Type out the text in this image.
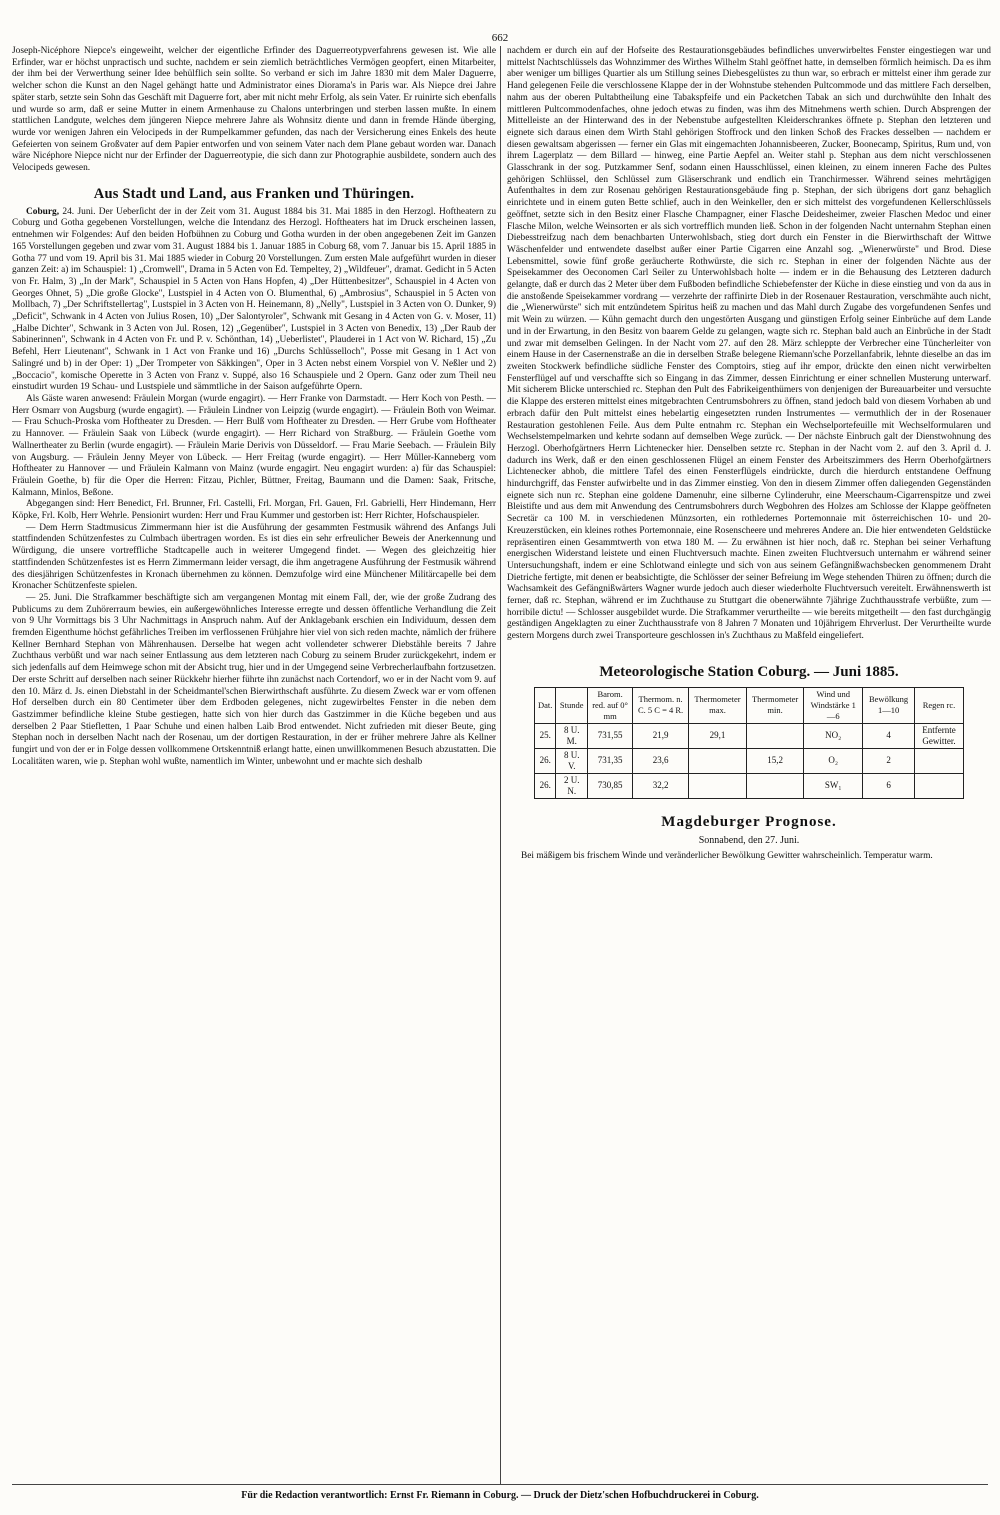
662

Joseph-Nicéphore Niepce's eingeweiht, welcher der eigentliche Erfinder des Daguerreotypverfahrens gewesen ist. Wie alle Erfinder, war er höchst unpractisch und suchte, nachdem er sein ziemlich beträchtliches Vermögen geopfert, einen Mitarbeiter, der ihm bei der Verwerthung seiner Idee behülflich sein sollte. So verband er sich im Jahre 1830 mit dem Maler Daguerre, welcher schon die Kunst an den Nagel gehängt hatte und Administrator eines Diorama's in Paris war. Als Niepce drei Jahre später starb, setzte sein Sohn das Geschäft mit Daguerre fort, aber mit nicht mehr Erfolg, als sein Vater. Er ruinirte sich ebenfalls und wurde so arm, daß er seine Mutter in einem Armenhause zu Chalons unterbringen und sterben lassen mußte. In einem stattlichen Landgute, welches dem jüngeren Niepce mehrere Jahre als Wohnsitz diente und dann in fremde Hände überging, wurde vor wenigen Jahren ein Velocipeds in der Rumpelkammer gefunden, das nach der Versicherung eines Enkels des heute Gefeierten von seinem Großvater auf dem Papier entworfen und von seinem Vater nach dem Plane gebaut worden war. Danach wäre Nicéphore Niepce nicht nur der Erfinder der Daguerreotypie, die sich dann zur Photographie ausbildete, sondern auch des Velocipeds gewesen.

Aus Stadt und Land, aus Franken und Thüringen.

Coburg, 24. Juni. Der Ueberſicht der in der Zeit vom 31. August 1884 bis 31. Mai 1885 in den Herzogl. Hoftheatern zu Coburg und Gotha gegebenen Vorstellungen, welche die Intendanz des Herzogl. Hoftheaters hat im Druck erscheinen lassen, entnehmen wir Folgendes: Auf den beiden Hofbühnen zu Coburg und Gotha wurden in der oben angegebenen Zeit im Ganzen 165 Vorstellungen gegeben und zwar vom 31. August 1884 bis 1. Januar 1885 in Coburg 68, vom 7. Januar bis 15. April 1885 in Gotha 77 und vom 19. April bis 31. Mai 1885 wieder in Coburg 20 Vorstellungen. Zum ersten Male aufgeführt wurden in dieser ganzen Zeit: a) im Schauspiel: 1) „Cromwell", Drama in 5 Acten von Ed. Tempeltey, 2) „Wildfeuer", dramat. Gedicht in 5 Acten von Fr. Halm, 3) „In der Mark", Schauspiel in 5 Acten von Hans Hopfen, 4) „Der Hüttenbesitzer", Schauspiel in 4 Acten von Georges Ohnet, 5) „Die große Glocke", Lustspiel in 4 Acten von O. Blumenthal, 6) „Ambrosius", Schauspiel in 5 Acten von Mollbach, 7) „Der Schriftstellertag", Lustspiel in 3 Acten von H. Heinemann, 8) „Nelly", Lustspiel in 3 Acten von O. Dunker, 9) „Deficit", Schwank in 4 Acten von Julius Rosen, 10) „Der Salontyroler", Schwank mit Gesang in 4 Acten von G. v. Moser, 11) „Halbe Dichter", Schwank in 3 Acten von Jul. Rosen, 12) „Gegenüber", Lustspiel in 3 Acten von Benedix, 13) „Der Raub der Sabinerinnen", Schwank in 4 Acten von Fr. und P. v. Schönthan, 14) „Ueberlistet", Plauderei in 1 Act von W. Richard, 15) „Zu Befehl, Herr Lieutenant", Schwank in 1 Act von Franke und 16) „Durchs Schlüsselloch", Posse mit Gesang in 1 Act von Salingré und b) in der Oper: 1) „Der Trompeter von Säkkingen", Oper in 3 Acten nebst einem Vorspiel von V. Neßler und 2) „Boccacio", komische Operette in 3 Acten von Franz v. Suppé, also 16 Schauspiele und 2 Opern. Ganz oder zum Theil neu einstudirt wurden 19 Schau- und Lustspiele und sämmtliche in der Saison aufgeführte Opern.

Als Gäste waren anwesend: Fräulein Morgan (wurde engagirt). — Herr Franke von Darmstadt. — Herr Koch von Pesth. — Herr Osmarr von Augsburg (wurde engagirt). — Fräulein Lindner von Leipzig (wurde engagirt). — Fräulein Both von Weimar. — Frau Schuch-Proska vom Hoftheater zu Dresden. — Herr Bulß vom Hoftheater zu Dresden. — Herr Grube vom Hoftheater zu Hannover. — Fräulein Saak von Lübeck (wurde engagirt). — Herr Richard von Straßburg. — Fräulein Goethe vom Wallnertheater zu Berlin (wurde engagirt). — Fräulein Marie Derivis von Düsseldorf. — Frau Marie Seebach. — Fräulein Bily von Augsburg. — Fräulein Jenny Meyer von Lübeck. — Herr Freitag (wurde engagirt). — Herr Müller-Kanneberg vom Hoftheater zu Hannover — und Fräulein Kalmann von Mainz (wurde engagirt. Neu engagirt wurden: a) für das Schauspiel: Fräulein Goethe, b) für die Oper die Herren: Fitzau, Pichler, Büttner, Freitag, Baumann und die Damen: Saak, Fritsche, Kalmann, Minlos, Beßone.

Abgegangen sind: Herr Benedict, Frl. Brunner, Frl. Castelli, Frl. Morgan, Frl. Gauen, Frl. Gabrielli, Herr Hindemann, Herr Köpke, Frl. Kolb, Herr Wehrle. Pensionirt wurden: Herr und Frau Kummer und gestorben ist: Herr Richter, Hofschauspieler.

— Dem Herrn Stadtmusicus Zimmermann hier ist die Ausführung der gesammten Festmusik während des Anfangs Juli stattfindenden Schützenfestes zu Culmbach übertragen worden. Es ist dies ein sehr erfreulicher Beweis der Anerkennung und Würdigung, die unsere vortreffliche Stadtcapelle auch in weiterer Umgegend findet. — Wegen des gleichzeitig hier stattfindenden Schützenfestes ist es Herrn Zimmermann leider versagt, die ihm angetragene Ausführung der Festmusik während des diesjährigen Schützenfestes in Kronach übernehmen zu können. Demzufolge wird eine Münchener Militärcapelle bei dem Kronacher Schützenfeste spielen.

— 25. Juni. Die Strafkammer beschäftigte sich am vergangenen Montag mit einem Fall, der, wie der große Zudrang des Publicums zu dem Zuhörerraum bewies, ein außergewöhnliches Interesse erregte und dessen öffentliche Verhandlung die Zeit von 9 Uhr Vormittags bis 3 Uhr Nachmittags in Anspruch nahm. Auf der Anklagebank erschien ein Individuum, dessen dem fremden Eigenthume höchst gefährliches Treiben im verflossenen Frühjahre hier viel von sich reden machte, nämlich der frühere Kellner Bernhard Stephan von Mährenhausen. Derselbe hat wegen acht vollendeter schwerer Diebstähle bereits 7 Jahre Zuchthaus verbüßt und war nach seiner Entlassung aus dem letzteren nach Coburg zu seinem Bruder zurückgekehrt, indem er sich jedenfalls auf dem Heimwege schon mit der Absicht trug, hier und in der Umgegend seine Verbrecherlaufbahn fortzusetzen. Der erste Schritt auf derselben nach seiner Rückkehr hierher führte ihn zunächst nach Cortendorf, wo er in der Nacht vom 9. auf den 10. März d. Js. einen Diebstahl in der Scheidmantel'schen Bierwirthschaft ausführte. Zu diesem Zweck war er vom offenen Hof derselben durch ein 80 Centimeter über dem Erdboden gelegenes, nicht zugewirbeltes Fenster in die neben dem Gastzimmer befindliche kleine Stube gestiegen, hatte sich von hier durch das Gastzimmer in die Küche begeben und aus derselben 2 Paar Stiefletten, 1 Paar Schuhe und einen halben Laib Brod entwendet. Nicht zufrieden mit dieser Beute, ging Stephan noch in derselben Nacht nach der Rosenau, um der dortigen Restauration, in der er früher mehrere Jahre als Kellner fungirt und von der er in Folge dessen vollkommene Ortskenntniß erlangt hatte, einen unwillkommenen Besuch abzustatten. Die Localitäten waren, wie p. Stephan wohl wußte, namentlich im Winter, unbewohnt und er machte sich deshalb

nachdem er durch ein auf der Hofseite des Restaurationsgebäudes befindliches unverwirbeltes Fenster eingestiegen war und mittelst Nachtschlüssels das Wohnzimmer des Wirthes Wilhelm Stahl geöffnet hatte, in demselben förmlich heimisch. Da es ihm aber weniger um billiges Quartier als um Stillung seines Diebesgelüstes zu thun war, so erbrach er mittelst einer ihm gerade zur Hand gelegenen Feile die verschlossene Klappe der in der Wohnstube stehenden Pultcommode und das mittlere Fach derselben, nahm aus der oberen Pultabtheilung eine Tabakspfeife und ein Packetchen Tabak an sich und durchwühlte den Inhalt des mittleren Pultcommodenfaches, ohne jedoch etwas zu finden, was ihm des Mitnehmens werth schien. Durch Absprengen der Mittelleiste an der Hinterwand des in der Nebenstube aufgestellten Kleiderschrankes öffnete p. Stephan den letzteren und eignete sich daraus einen dem Wirth Stahl gehörigen Stoffrock und den linken Schoß des Frackes desselben — nachdem er diesen gewaltsam abgerissen — ferner ein Glas mit eingemachten Johannisbeeren, Zucker, Boonecamp, Spiritus, Rum und, von ihrem Lagerplatz — dem Billard — hinweg, eine Partie Aepfel an. Weiter stahl p. Stephan aus dem nicht verschlossenen Glasschrank in der sog. Putzkammer Senf, sodann einen Hausschlüssel, einen kleinen, zu einem inneren Fache des Pultes gehörigen Schlüssel, den Schlüssel zum Gläserschrank und endlich ein Tranchirmesser. Während seines mehrtägigen Aufenthaltes in dem zur Rosenau gehörigen Restaurationsgebäude fing p. Stephan, der sich übrigens dort ganz behaglich einrichtete und in einem guten Bette schlief, auch in den Weinkeller, den er sich mittelst des vorgefundenen Kellerschlüssels geöffnet, setzte sich in den Besitz einer Flasche Champagner, einer Flasche Deidesheimer, zweier Flaschen Medoc und einer Flasche Milon, welche Weinsorten er als sich vortrefflich munden ließ. Schon in der folgenden Nacht unternahm Stephan einen Diebesstreifzug nach dem benachbarten Unterwohlsbach, stieg dort durch ein Fenster in die Bierwirthschaft der Wittwe Wäschenfelder und entwendete daselbst außer einer Partie Cigarren eine Anzahl sog. „Wienerwürste" und Brod. Diese Lebensmittel, sowie fünf große geräucherte Rothwürste, die sich rc. Stephan in einer der folgenden Nächte aus der Speisekammer des Oeconomen Carl Seiler zu Unterwohlsbach holte — indem er in die Behausung des Letzteren dadurch gelangte, daß er durch das 2 Meter über dem Fußboden befindliche Schiebefenster der Küche in diese einstieg und von da aus in die anstoßende Speisekammer vordrang — verzehrte der raffinirte Dieb in der Rosenauer Restauration, verschmähte auch nicht, die „Wienerwürste" sich mit entzündetem Spiritus heiß zu machen und das Mahl durch Zugabe des vorgefundenen Senfes und mit Wein zu würzen. — Kühn gemacht durch den ungestörten Ausgang und günstigen Erfolg seiner Einbrüche auf dem Lande und in der Erwartung, in den Besitz von baarem Gelde zu gelangen, wagte sich rc. Stephan bald auch an Einbrüche in der Stadt und zwar mit demselben Gelingen. In der Nacht vom 27. auf den 28. März schleppte der Verbrecher eine Tüncherleiter von einem Hause in der Casernenstraße an die in derselben Straße belegene Riemann'sche Porzellanfabrik, lehnte dieselbe an das im zweiten Stockwerk befindliche südliche Fenster des Comptoirs, stieg auf ihr empor, drückte den einen nicht verwirbelten Fensterflügel auf und verschaffte sich so Eingang in das Zimmer, dessen Einrichtung er einer schnellen Musterung unterwarf. Mit sicherem Blicke unterschied rc. Stephan den Pult des Fabrikeigenthümers von denjenigen der Bureauarbeiter und versuchte die Klappe des ersteren mittelst eines mitgebrachten Centrumsbohrers zu öffnen, stand jedoch bald von diesem Vorhaben ab und erbrach dafür den Pult mittelst eines hebelartig eingesetzten runden Instrumentes — vermuthlich der in der Rosenauer Restauration gestohlenen Feile. Aus dem Pulte entnahm rc. Stephan ein Wechselportefeuille mit Wechselformularen und Wechselstempelmarken und kehrte sodann auf demselben Wege zurück. — Der nächste Einbruch galt der Dienstwohnung des Herzogl. Oberhofgärtners Herrn Lichtenecker hier. Denselben setzte rc. Stephan in der Nacht vom 2. auf den 3. April d. J. dadurch ins Werk, daß er den einen geschlossenen Flügel an einem Fenster des Arbeitszimmers des Herrn Oberhofgärtners Lichtenecker abhob, die mittlere Tafel des einen Fensterflügels eindrückte, durch die hierdurch entstandene Oeffnung hindurchgriff, das Fenster aufwirbelte und in das Zimmer einstieg. Von den in diesem Zimmer offen daliegenden Gegenständen eignete sich nun rc. Stephan eine goldene Damenuhr, eine silberne Cylinderuhr, eine Meerschaum-Cigarrenspitze und zwei Bleistifte und aus dem mit Anwendung des Centrumsbohrers durch Wegbohren des Holzes am Schlosse der Klappe geöffneten Secretär ca 100 M. in verschiedenen Münzsorten, ein rothledernes Portemonnaie mit österreichischen 10- und 20-Kreuzerstücken, ein kleines rothes Portemonnaie, eine Rosenscheere und mehreres Andere an. Die hier entwendeten Geldstücke repräsentiren einen Gesammtwerth von etwa 180 M. — Zu erwähnen ist hier noch, daß rc. Stephan bei seiner Verhaftung energischen Widerstand leistete und einen Fluchtversuch machte. Einen zweiten Fluchtversuch unternahm er während seiner Untersuchungshaft, indem er eine Schlotwand einlegte und sich von aus seinem Gefängnißwachsbecken genommenem Draht Dietriche fertigte, mit denen er beabsichtigte, die Schlösser der seiner Befreiung im Wege stehenden Thüren zu öffnen; durch die Wachsamkeit des Gefängnißwärters Wagner wurde jedoch auch dieser wiederholte Fluchtversuch vereitelt. Erwähnenswerth ist ferner, daß rc. Stephan, während er im Zuchthause zu Stuttgart die obenerwähnte 7jährige Zuchthausstrafe verbüßte, zum — horribile dictu! — Schlosser ausgebildet wurde. Die Strafkammer verurtheilte — wie bereits mitgetheilt — den fast durchgängig geständigen Angeklagten zu einer Zuchthausstrafe von 8 Jahren 7 Monaten und 10jährigem Ehrverlust. Der Verurtheilte wurde gestern Morgens durch zwei Transporteure geschlossen in's Zuchthaus zu Maßfeld eingeliefert.

Meteorologische Station Coburg. — Juni 1885.
Dat.	Stunde	Barom. red. auf 0° mm	Thermom. n. C. 5 C = 4 R.	Thermometer max.	Thermometer min.	Wind und Windstärke 1—6	Bewölkung 1—10	Regen rc.
25.	8 U. M.	731,55	21,9	29,1		NO₂	4	Entfernte Gewitter.
26.	8 U. V.	731,35	23,6		15,2	O₂	2	
26.	2 U. N.	730,85	32,2			SW₁	6	
Magdeburger Prognose.
Sonnabend, den 27. Juni.

Bei mäßigem bis frischem Winde und veränderlicher Bewölkung Gewitter wahrscheinlich. Temperatur warm.

Für die Redaction verantwortlich: Ernst Fr. Riemann in Coburg. — Druck der Dietz'schen Hofbuchdruckerei in Coburg.
